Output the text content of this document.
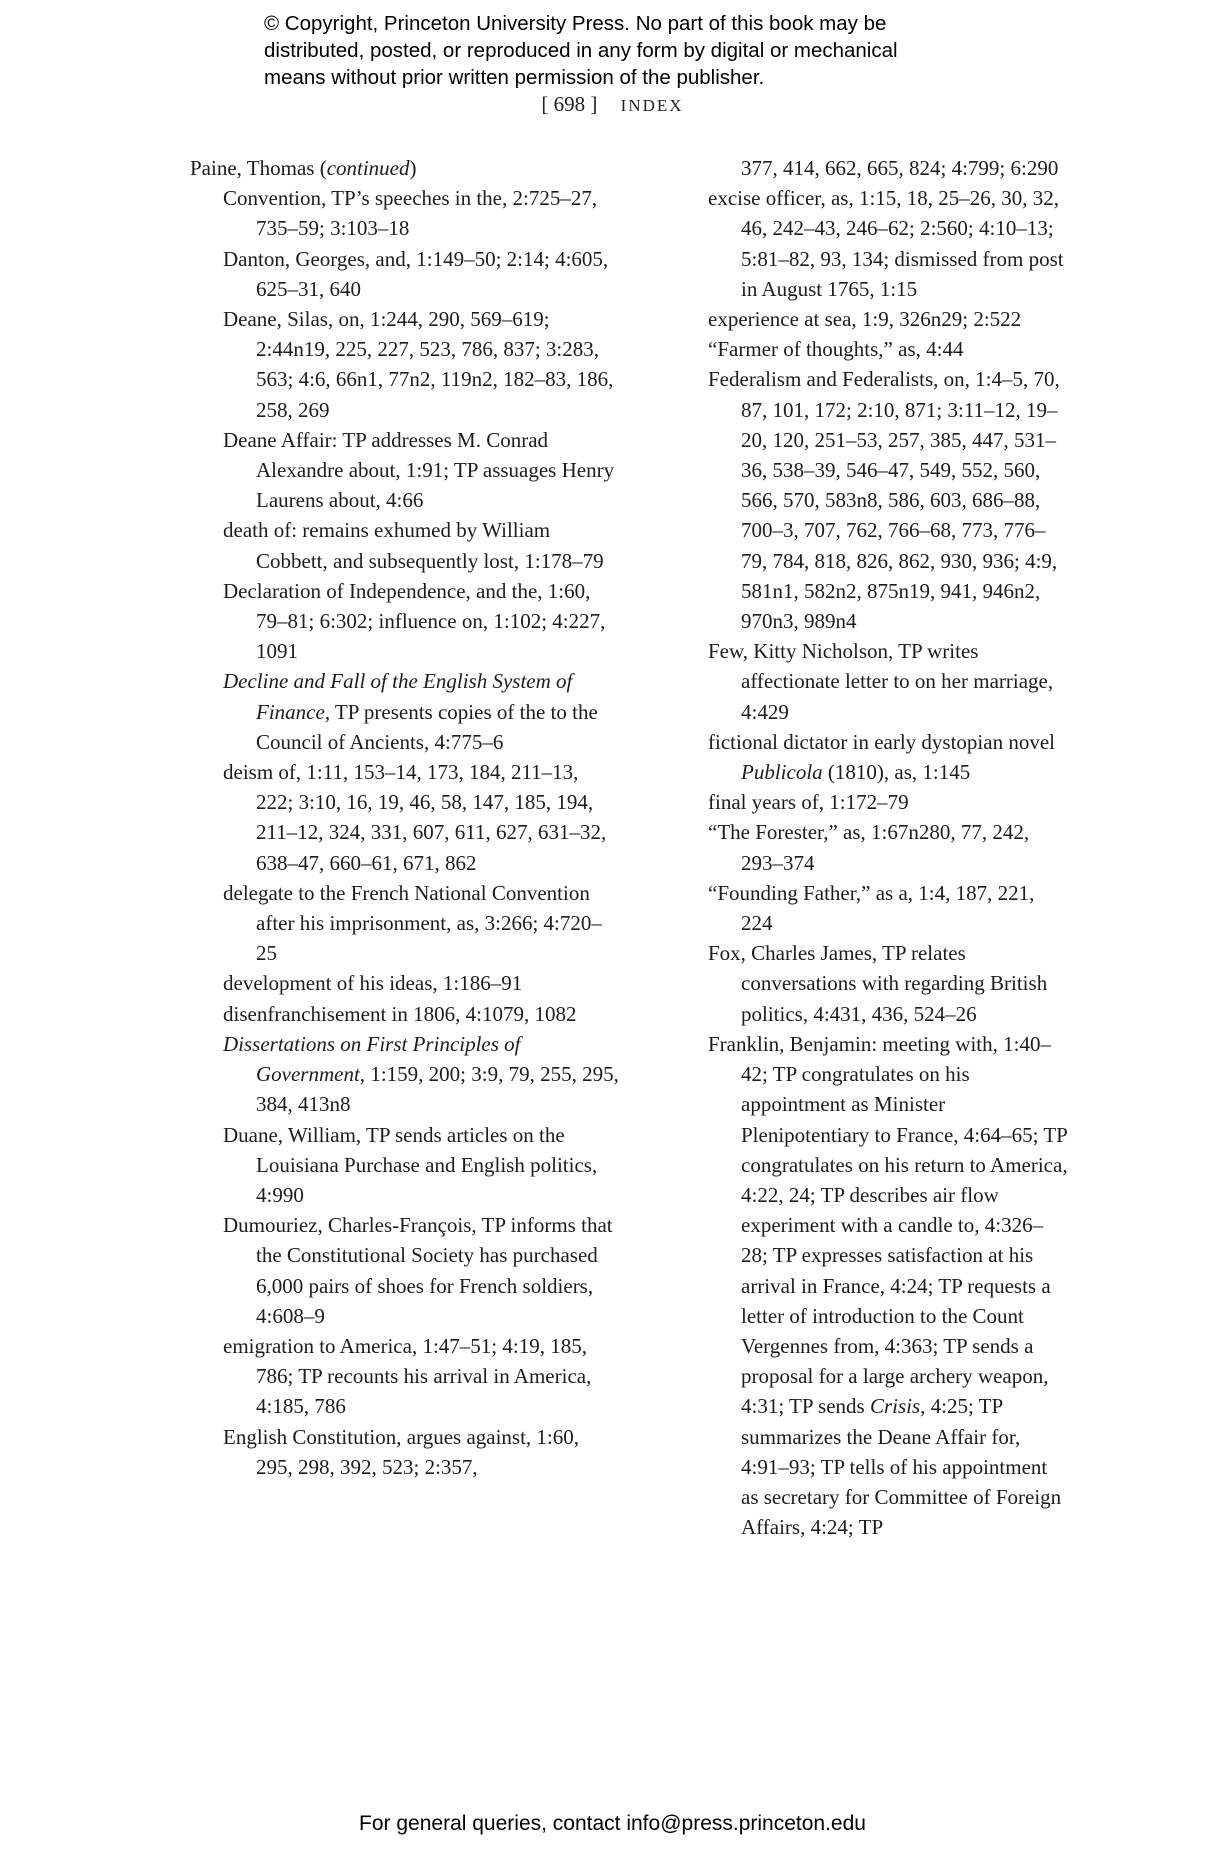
© Copyright, Princeton University Press. No part of this book may be
distributed, posted, or reproduced in any form by digital or mechanical
means without prior written permission of the publisher.
[ 698 ] INDEX

Paine, Thomas (continued)

Convention, TP’s speeches in the, 2:725–27, 735–59; 3:103–18

Danton, Georges, and, 1:149–50; 2:14; 4:605, 625–31, 640

Deane, Silas, on, 1:244, 290, 569–619; 2:44n19, 225, 227, 523, 786, 837; 3:283, 563; 4:6, 66n1, 77n2, 119n2, 182–83, 186, 258, 269

Deane Affair: TP addresses M. Conrad Alexandre about, 1:91; TP assuages Henry Laurens about, 4:66

death of: remains exhumed by William Cobbett, and subsequently lost, 1:178–79

Declaration of Independence, and the, 1:60, 79–81; 6:302; influence on, 1:102; 4:227, 1091

Decline and Fall of the English System of Finance, TP presents copies of the to the Council of Ancients, 4:775–6

deism of, 1:11, 153–14, 173, 184, 211–13, 222; 3:10, 16, 19, 46, 58, 147, 185, 194, 211–12, 324, 331, 607, 611, 627, 631–32, 638–47, 660–61, 671, 862

delegate to the French National Convention after his imprisonment, as, 3:266; 4:720–25

development of his ideas, 1:186–91

disenfranchisement in 1806, 4:1079, 1082

Dissertations on First Principles of Government, 1:159, 200; 3:9, 79, 255, 295, 384, 413n8

Duane, William, TP sends articles on the Louisiana Purchase and English politics, 4:990

Dumouriez, Charles-François, TP informs that the Constitutional Society has purchased 6,000 pairs of shoes for French soldiers, 4:608–9

emigration to America, 1:47–51; 4:19, 185, 786; TP recounts his arrival in America, 4:185, 786

English Constitution, argues against, 1:60, 295, 298, 392, 523; 2:357,

377, 414, 662, 665, 824; 4:799; 6:290

excise officer, as, 1:15, 18, 25–26, 30, 32, 46, 242–43, 246–62; 2:560; 4:10–13; 5:81–82, 93, 134; dismissed from post in August 1765, 1:15

experience at sea, 1:9, 326n29; 2:522

“Farmer of thoughts,” as, 4:44

Federalism and Federalists, on, 1:4–5, 70, 87, 101, 172; 2:10, 871; 3:11–12, 19–20, 120, 251–53, 257, 385, 447, 531–36, 538–39, 546–47, 549, 552, 560, 566, 570, 583n8, 586, 603, 686–88, 700–3, 707, 762, 766–68, 773, 776–79, 784, 818, 826, 862, 930, 936; 4:9, 581n1, 582n2, 875n19, 941, 946n2, 970n3, 989n4

Few, Kitty Nicholson, TP writes affectionate letter to on her marriage, 4:429

fictional dictator in early dystopian novel Publicola (1810), as, 1:145

final years of, 1:172–79

“The Forester,” as, 1:67n280, 77, 242, 293–374

“Founding Father,” as a, 1:4, 187, 221, 224

Fox, Charles James, TP relates conversations with regarding British politics, 4:431, 436, 524–26

Franklin, Benjamin: meeting with, 1:40–42; TP congratulates on his appointment as Minister Plenipotentiary to France, 4:64–65; TP congratulates on his return to America, 4:22, 24; TP describes air flow experiment with a candle to, 4:326–28; TP expresses satisfaction at his arrival in France, 4:24; TP requests a letter of introduction to the Count Vergennes from, 4:363; TP sends a proposal for a large archery weapon, 4:31; TP sends Crisis, 4:25; TP summarizes the Deane Affair for, 4:91–93; TP tells of his appointment as secretary for Committee of Foreign Affairs, 4:24; TP

For general queries, contact info@press.princeton.edu
